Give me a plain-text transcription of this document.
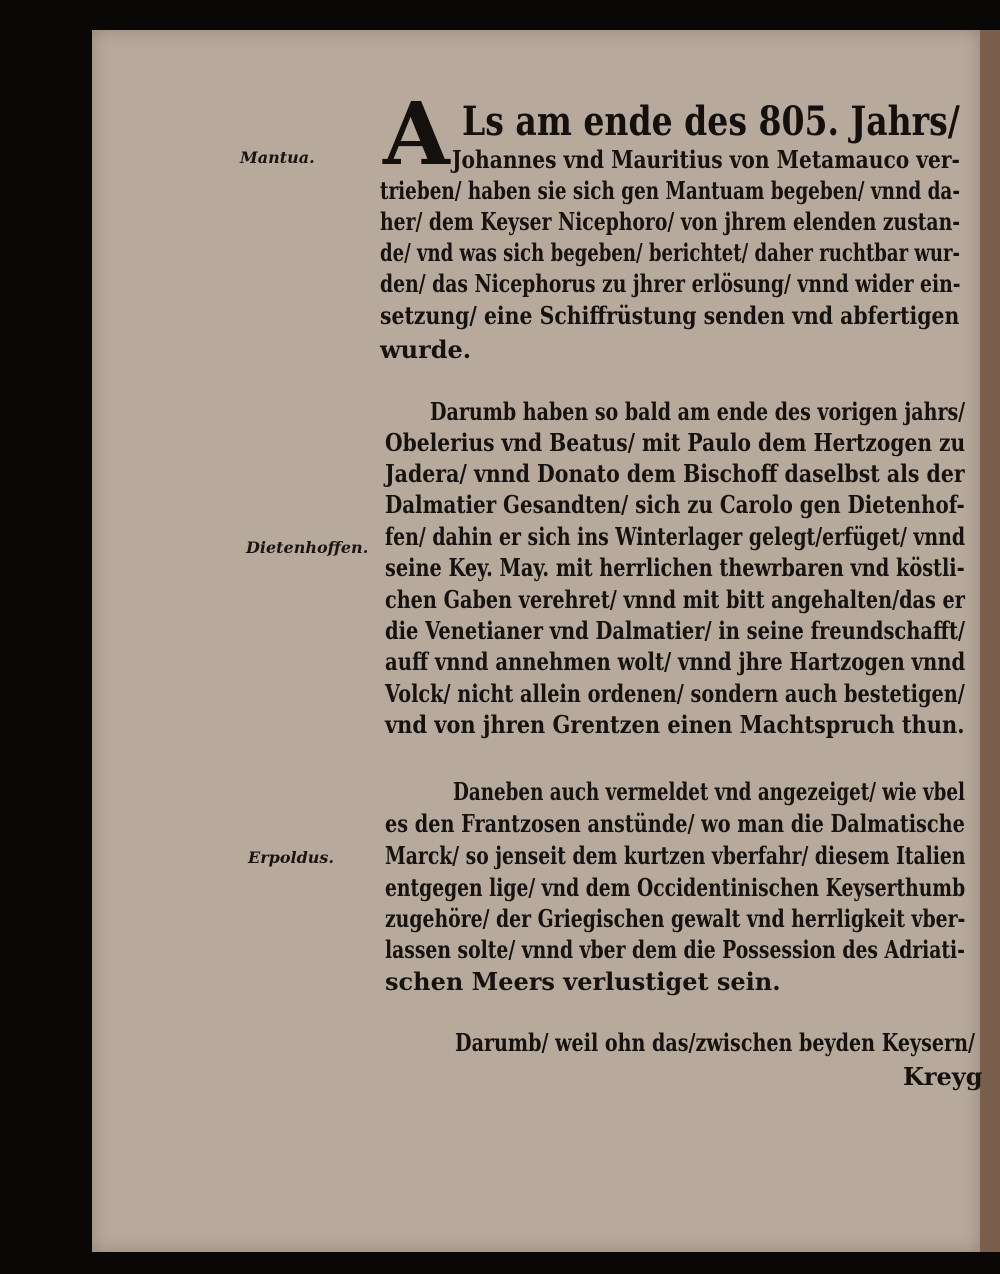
Mantua.
Dietenhoffen.
Erpoldus.
A Ls am ende des 805. Jahrs/
Johannes vnd Mauritius von Metamauco ver-
trieben/ haben sie sich gen Mantuam begeben/ vnnd da-
her/ dem Keyser Nicephoro/ von jhrem elenden zustan-
de/ vnd was sich begeben/ berichtet/ daher ruchtbar wur-
den/ das Nicephorus zu jhrer erlösung/ vnnd wider ein-
setzung/ eine Schiffrüstung senden vnd abfertigen
wurde.
Darumb haben so bald am ende des vorigen jahrs/
Obelerius vnd Beatus/ mit Paulo dem Hertzogen zu
Jadera/ vnnd Donato dem Bischoff daselbst als der
Dalmatier Gesandten/ sich zu Carolo gen Dietenhof-
fen/ dahin er sich ins Winterlager gelegt/erfüget/ vnnd
seine Key. May. mit herrlichen thewrbaren vnd köstli-
chen Gaben verehret/ vnnd mit bitt angehalten/das er
die Venetianer vnd Dalmatier/ in seine freundschafft/
auff vnnd annehmen wolt/ vnnd jhre Hartzogen vnnd
Volck/ nicht allein ordenen/ sondern auch bestetigen/
vnd von jhren Grentzen einen Machtspruch thun.
Daneben auch vermeldet vnd angezeiget/ wie vbel
es den Frantzosen anstünde/ wo man die Dalmatische
Marck/ so jenseit dem kurtzen vberfahr/ diesem Italien
entgegen lige/ vnd dem Occidentinischen Keyserthumb
zugehöre/ der Griegischen gewalt vnd herrligkeit vber-
lassen solte/ vnnd vber dem die Possession des Adriati-
schen Meers verlustiget sein.
Darumb/ weil ohn das/zwischen beyden Keysern/
Kreyg
